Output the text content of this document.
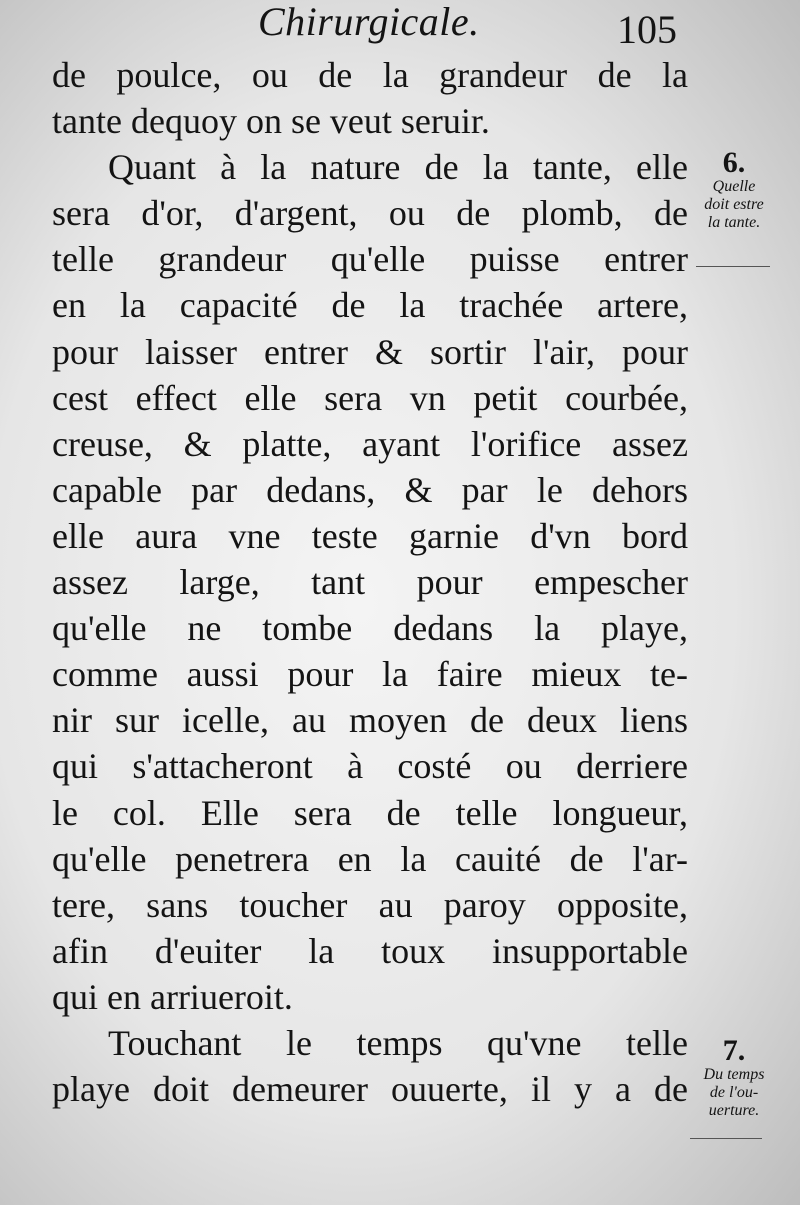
Chirurgicale.	105
de poulce, ou de la grandeur de la
tante dequoy on se veut seruir.
Quant à la nature de la tante, elle
sera d'or, d'argent, ou de plomb, de
telle grandeur qu'elle puisse entrer
en la capacité de la trachée artere,
pour laisser entrer & sortir l'air, pour
cest effect elle sera vn petit courbée,
creuse, & platte, ayant l'orifice assez
capable par dedans, & par le dehors
elle aura vne teste garnie d'vn bord
assez large, tant pour empescher
qu'elle ne tombe dedans la playe,
comme aussi pour la faire mieux te-
nir sur icelle, au moyen de deux liens
qui s'attacheront à costé ou derriere
le col. Elle sera de telle longueur,
qu'elle penetrera en la cauité de l'ar-
tere, sans toucher au paroy opposite,
afin d'euiter la toux insupportable
qui en arriueroit.
Touchant le temps qu'vne telle
playe doit demeurer ouuerte, il y a de
6.
Quelle
doit estre
la tante.
7.
Du temps
de l'ou-
uerture.
